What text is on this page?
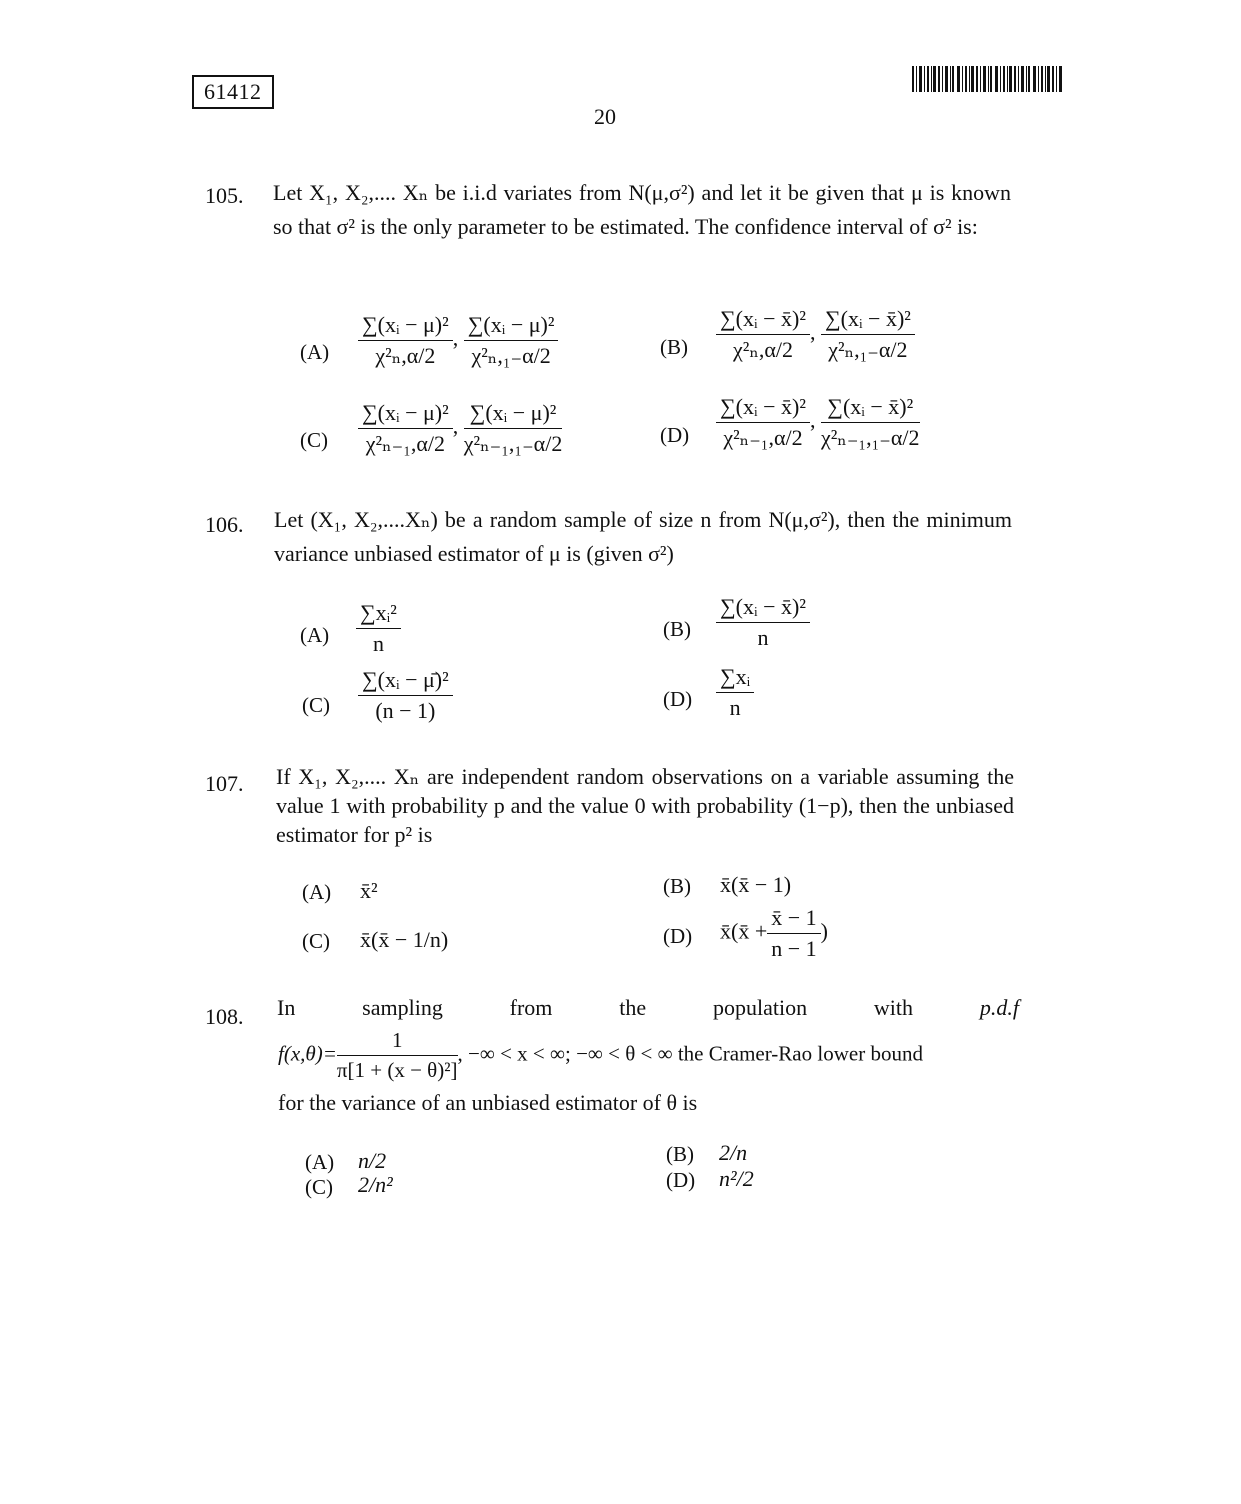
61412
20
105. Let X₁, X₂,.... Xₙ be i.i.d variates from N(μ,σ²) and let it be given that μ is known so that σ² is the only parameter to be estimated. The confidence interval of σ² is:
$(A) \frac{\text{∑(xᵢ − μ)²}}{\text{χ²ₙ,α/2}}$ , $\frac{\text{∑(xᵢ − μ)²}}{\text{χ²ₙ,₁₋α/2}}$	$(B) \frac{\text{∑(xᵢ − x̄)²}}{\text{χ²ₙ,α/2}}$ , $\frac{\text{∑(xᵢ − x̄)²}}{\text{χ²ₙ,₁₋α/2}}$
$(C) \frac{\text{∑(xᵢ − μ)²}}{\text{χ²ₙ₋₁,α/2}}$ , $\frac{\text{∑(xᵢ − μ)²}}{\text{χ²ₙ₋₁,₁₋α/2}}$	$(D) \frac{\text{∑(xᵢ − x̄)²}}{\text{χ²ₙ₋₁,α/2}}$ , $\frac{\text{∑(xᵢ − x̄)²}}{\text{χ²ₙ₋₁,₁₋α/2}}$
106. Let (X₁, X₂,....Xₙ) be a random sample of size n from N(μ,σ²), then the minimum variance unbiased estimator of μ is (given σ²)
$(A) \frac{\text{∑xᵢ²}}{n}$	$(B) \frac{\text{∑(xᵢ − x̄)²}}{n}$
$(C) \frac{\text{∑(xᵢ − μ̄)²}}{(n - 1)}$	$(D) \frac{\text{∑xᵢ}}{n}$
107. If X₁, X₂,.... Xₙ are independent random observations on a variable assuming the value 1 with probability p and the value 0 with probability (1−p), then the unbiased estimator for p² is
(A) x̄²	(B) x̄(x̄ − 1)
(C) x̄(x̄ − 1/n)	(D) x̄(x̄ + $\frac{x̄ - 1}{n - 1}$ )
108. In	sampling	from	the	population	with	p.d.f
$f(x,\theta)= \frac{1}{\text{π[1 + (x − θ)²]}}$ , −∞ < x < ∞; −∞ < θ < ∞ the Cramer-Rao lower bound
for the variance of an unbiased estimator of θ is
(A) n/2	(B) 2/n
(C) 2/n²	(D) n²/2
